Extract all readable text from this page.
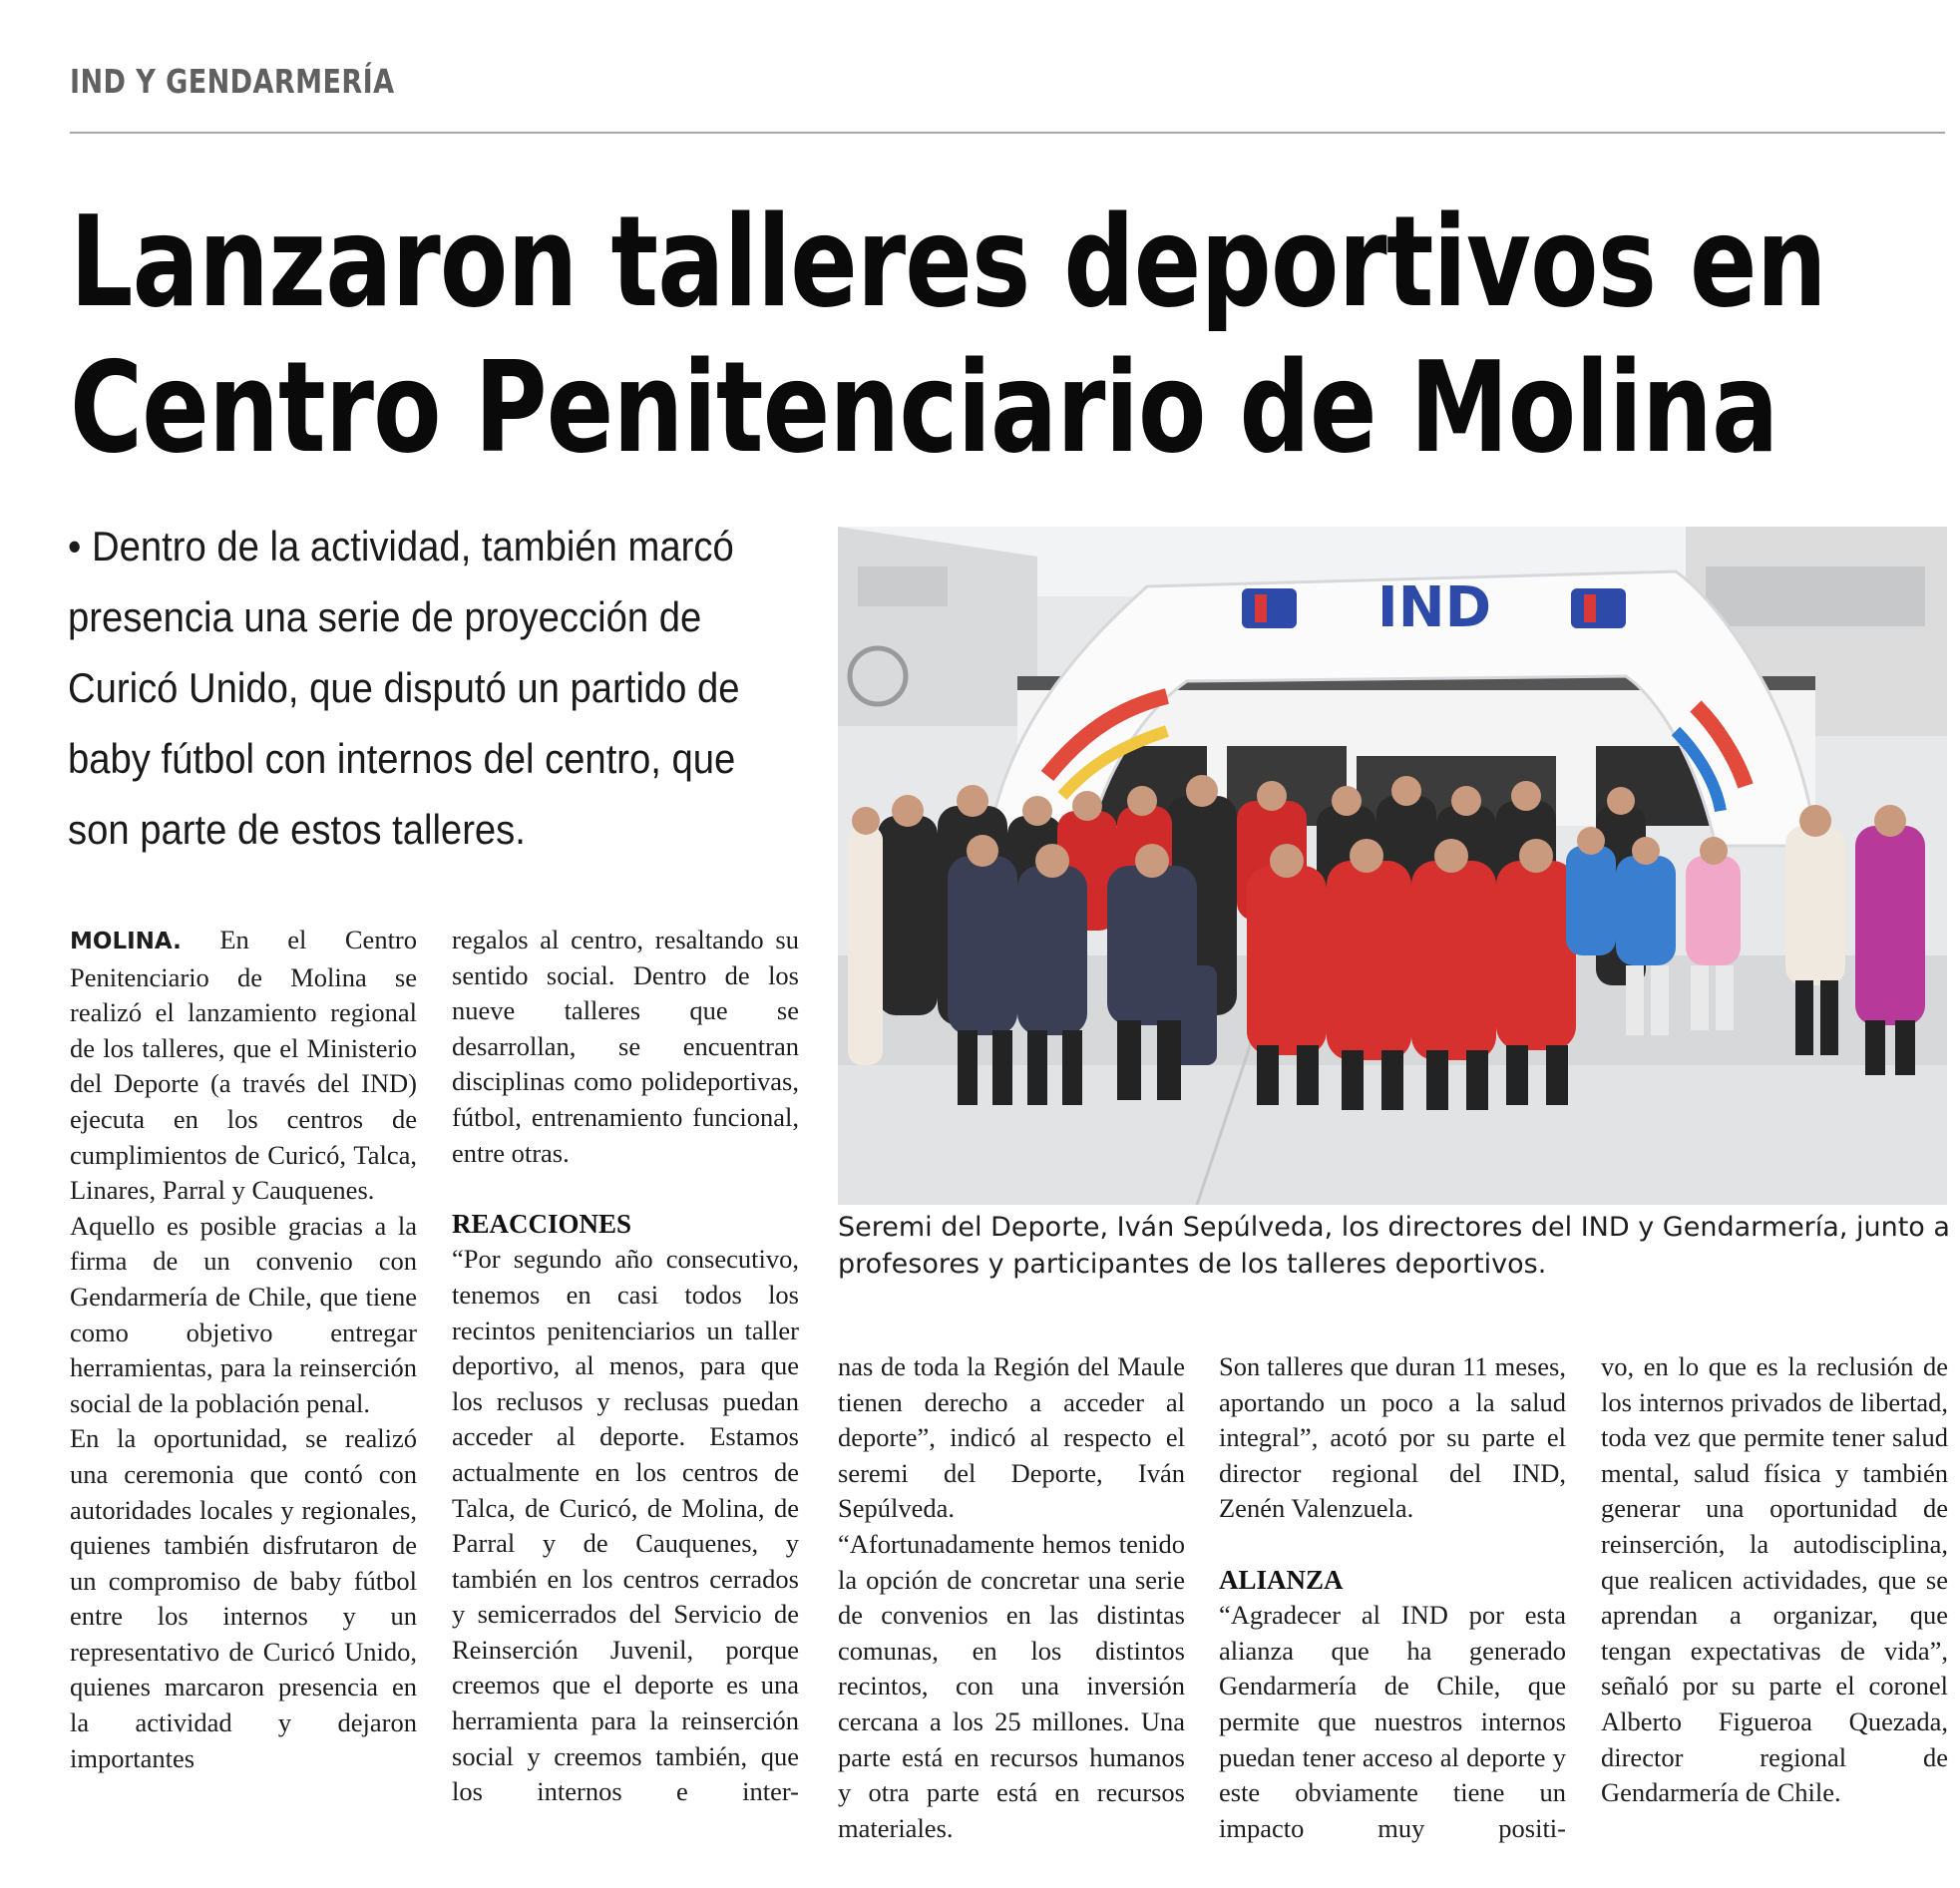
IND Y GENDARMERÍA
Lanzaron talleres deportivos en
Centro Penitenciario de Molina
• Dentro de la actividad, también marcó
presencia una serie de proyección de
Curicó Unido, que disputó un partido de
baby fútbol con internos del centro, que
son parte de estos talleres.
IND
Seremi del Deporte, Iván Sepúlveda, los directores del IND y Gendarmería, junto a
profesores y participantes de los talleres deportivos.

MOLINA. En el Centro Penitenciario de Molina se realizó el lanzamiento regional de los talleres, que el Ministerio del Deporte (a través del IND) ejecuta en los centros de cumplimientos de Curicó, Talca, Linares, Parral y Cauquenes.

Aquello es posible gracias a la firma de un convenio con Gendarmería de Chile, que tiene como objetivo entregar herramientas, para la reinserción social de la población penal.

En la oportunidad, se realizó una ceremonia que contó con autoridades locales y regionales, quienes también disfrutaron de un compromiso de baby fútbol entre los internos y un representativo de Curicó Unido, quienes marcaron presencia en la actividad y dejaron importantes

regalos al centro, resaltando su sentido social. Dentro de los nueve talleres que se desarrollan, se encuentran disciplinas como polideportivas, fútbol, entrenamiento funcional, entre otras.

REACCIONES

“Por segundo año consecutivo, tenemos en casi todos los recintos penitenciarios un taller deportivo, al menos, para que los reclusos y reclusas puedan acceder al deporte. Estamos actualmente en los centros de Talca, de Curicó, de Molina, de Parral y de Cauquenes, y también en los centros cerrados y semicerrados del Servicio de Reinserción Juvenil, porque creemos que el deporte es una herramienta para la reinserción social y creemos también, que los internos e inter-

nas de toda la Región del Maule tienen derecho a acceder al deporte”, indicó al respecto el seremi del Deporte, Iván Sepúlveda.

“Afortunadamente hemos tenido la opción de concretar una serie de convenios en las distintas comunas, en los distintos recintos, con una inversión cercana a los 25 millones. Una parte está en recursos humanos y otra parte está en recursos materiales.

Son talleres que duran 11 meses, aportando un poco a la salud integral”, acotó por su parte el director regional del IND, Zenén Valenzuela.

ALIANZA

“Agradecer al IND por esta alianza que ha generado Gendarmería de Chile, que permite que nuestros internos puedan tener acceso al deporte y este obviamente tiene un impacto muy positi-

vo, en lo que es la reclusión de los internos privados de libertad, toda vez que permite tener salud mental, salud física y también generar una oportunidad de reinserción, la autodisciplina, que realicen actividades, que se aprendan a organizar, que tengan expectativas de vida”, señaló por su parte el coronel Alberto Figueroa Quezada, director regional de Gendarmería de Chile.
